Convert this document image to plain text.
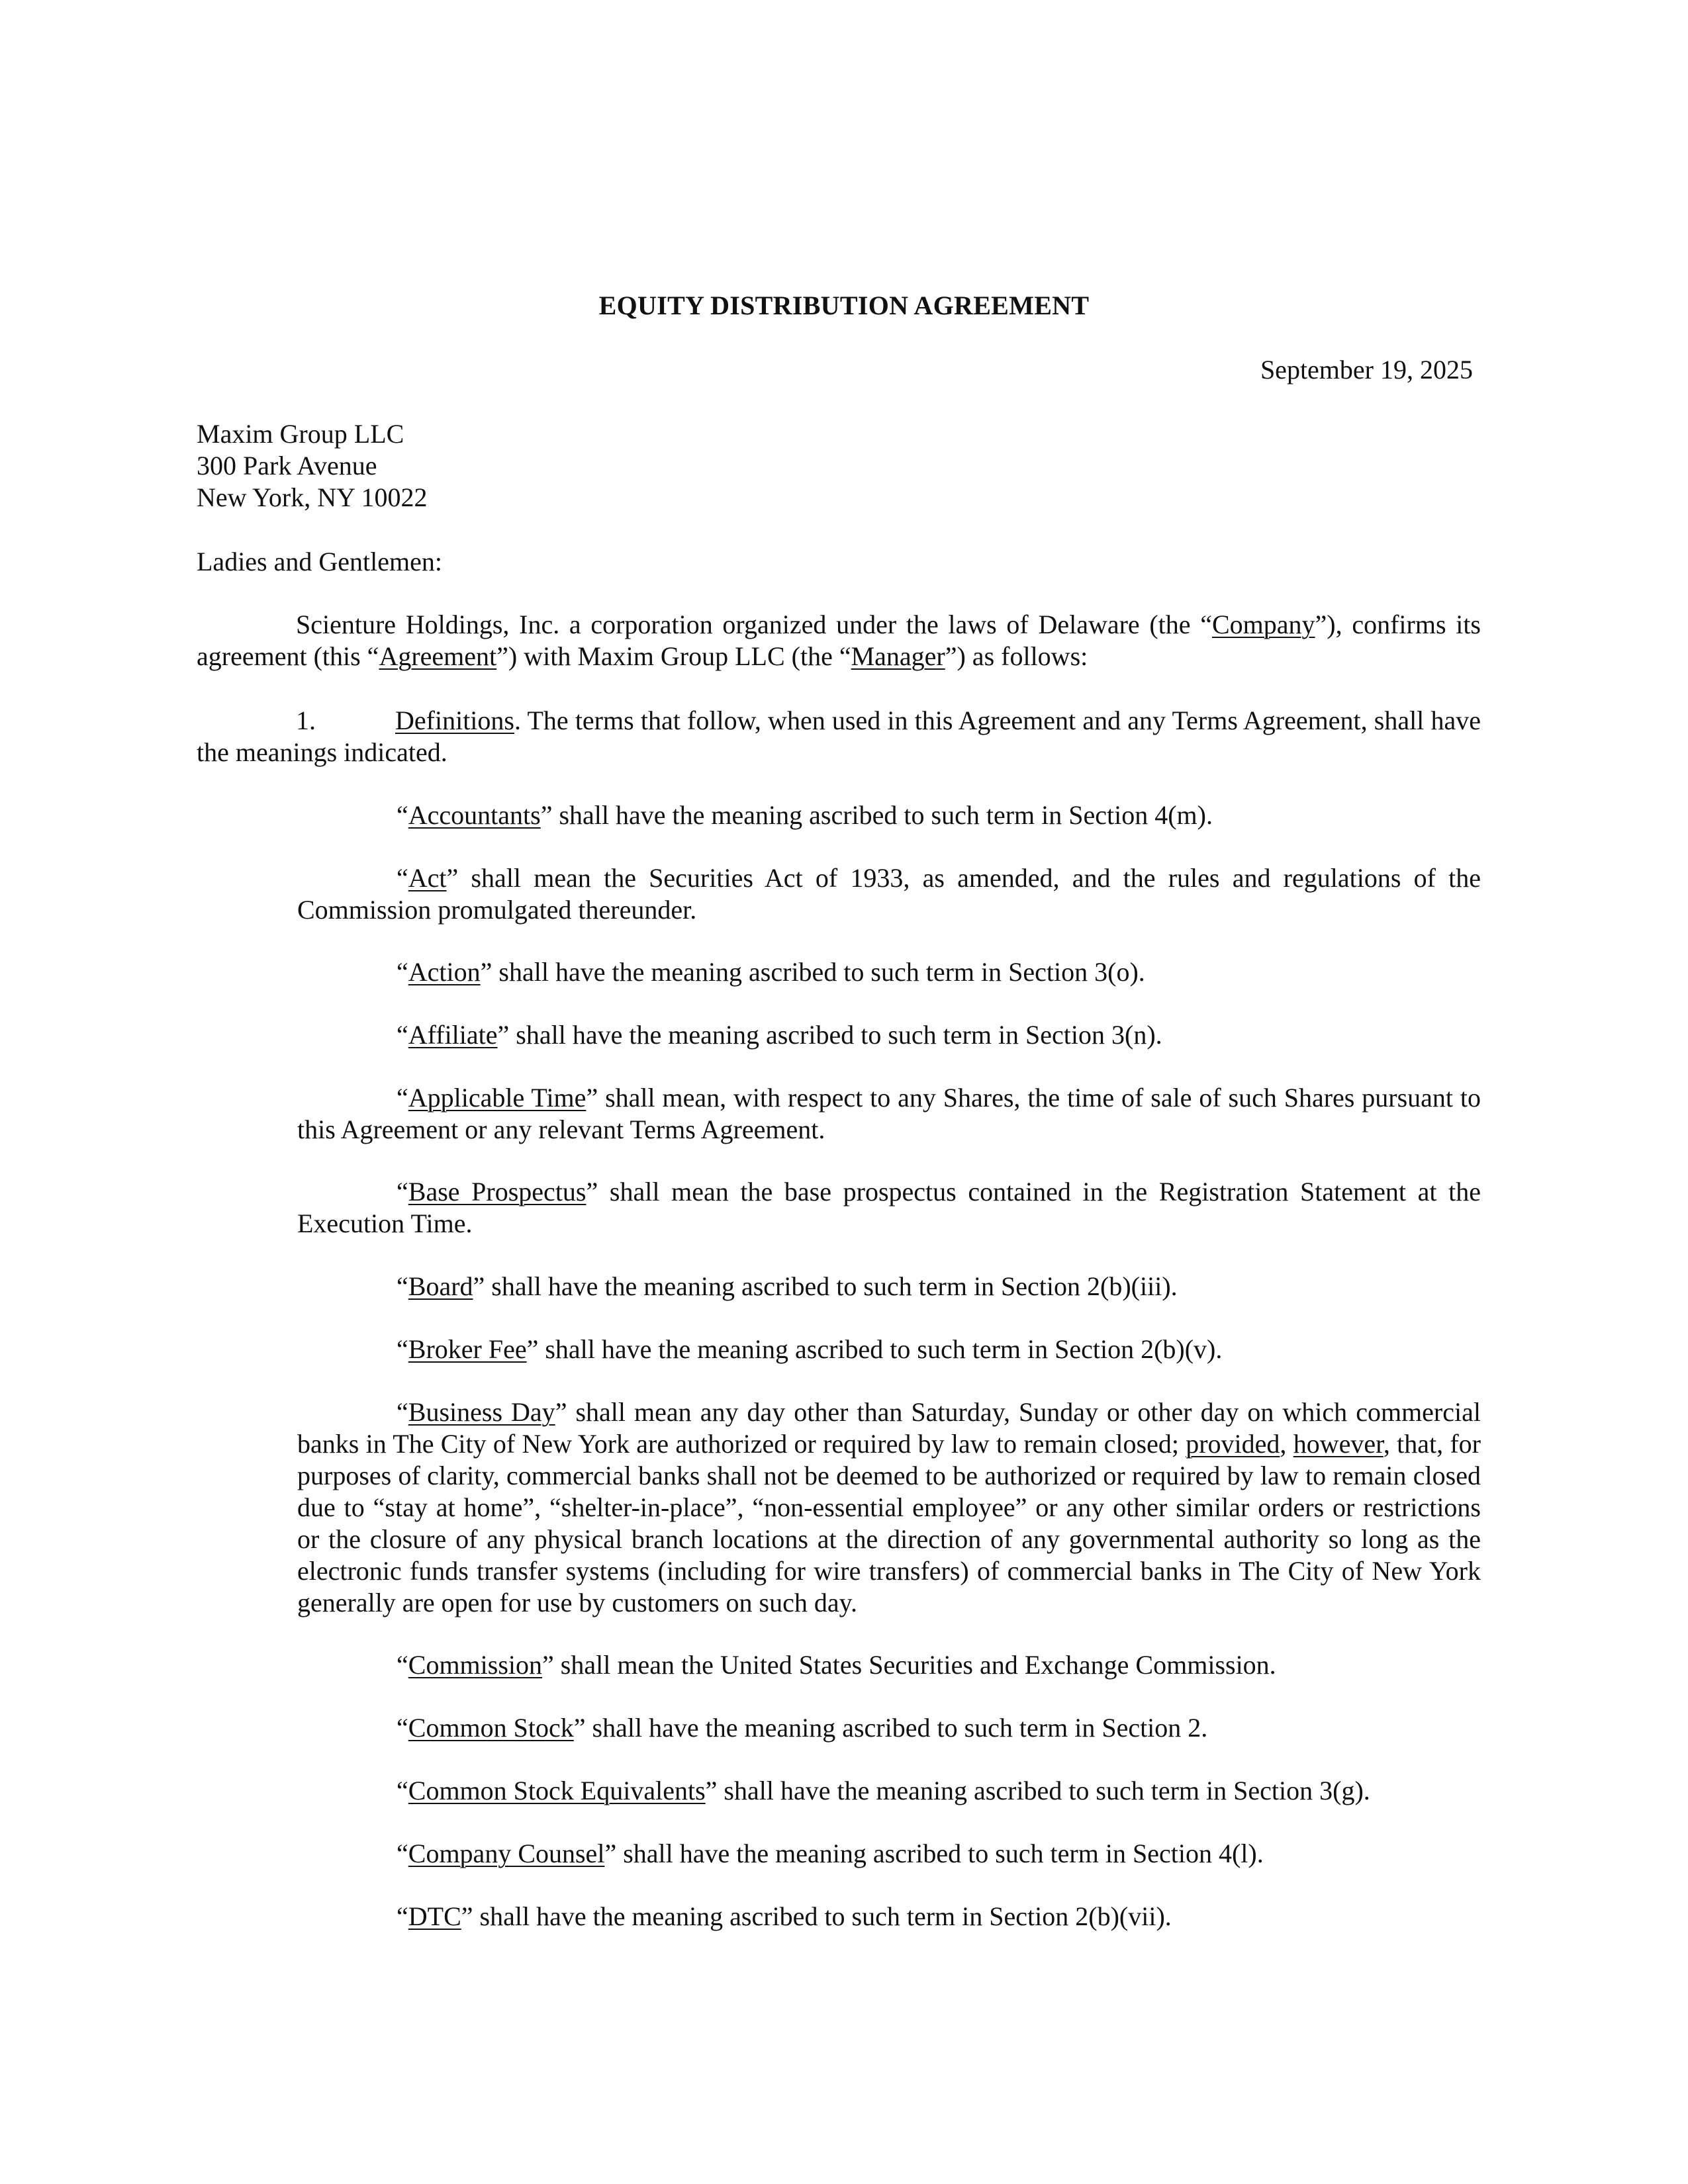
EQUITY DISTRIBUTION AGREEMENT
September 19, 2025
Maxim Group LLC
300 Park Avenue
New York, NY 10022
Ladies and Gentlemen:
Scienture Holdings, Inc. a corporation organized under the laws of Delaware (the “Company”), confirms its agreement (this “Agreement”) with Maxim Group LLC (the “Manager”) as follows:
1.	Definitions. The terms that follow, when used in this Agreement and any Terms Agreement, shall have the meanings indicated.
“Accountants” shall have the meaning ascribed to such term in Section 4(m).
“Act” shall mean the Securities Act of 1933, as amended, and the rules and regulations of the Commission promulgated thereunder.
“Action” shall have the meaning ascribed to such term in Section 3(o).
“Affiliate” shall have the meaning ascribed to such term in Section 3(n).
“Applicable Time” shall mean, with respect to any Shares, the time of sale of such Shares pursuant to this Agreement or any relevant Terms Agreement.
“Base Prospectus” shall mean the base prospectus contained in the Registration Statement at the Execution Time.
“Board” shall have the meaning ascribed to such term in Section 2(b)(iii).
“Broker Fee” shall have the meaning ascribed to such term in Section 2(b)(v).
“Business Day” shall mean any day other than Saturday, Sunday or other day on which commercial banks in The City of New York are authorized or required by law to remain closed; provided, however, that, for purposes of clarity, commercial banks shall not be deemed to be authorized or required by law to remain closed due to “stay at home”, “shelter-in-place”, “non-essential employee” or any other similar orders or restrictions or the closure of any physical branch locations at the direction of any governmental authority so long as the electronic funds transfer systems (including for wire transfers) of commercial banks in The City of New York generally are open for use by customers on such day.
“Commission” shall mean the United States Securities and Exchange Commission.
“Common Stock” shall have the meaning ascribed to such term in Section 2.
“Common Stock Equivalents” shall have the meaning ascribed to such term in Section 3(g).
“Company Counsel” shall have the meaning ascribed to such term in Section 4(l).
“DTC” shall have the meaning ascribed to such term in Section 2(b)(vii).
